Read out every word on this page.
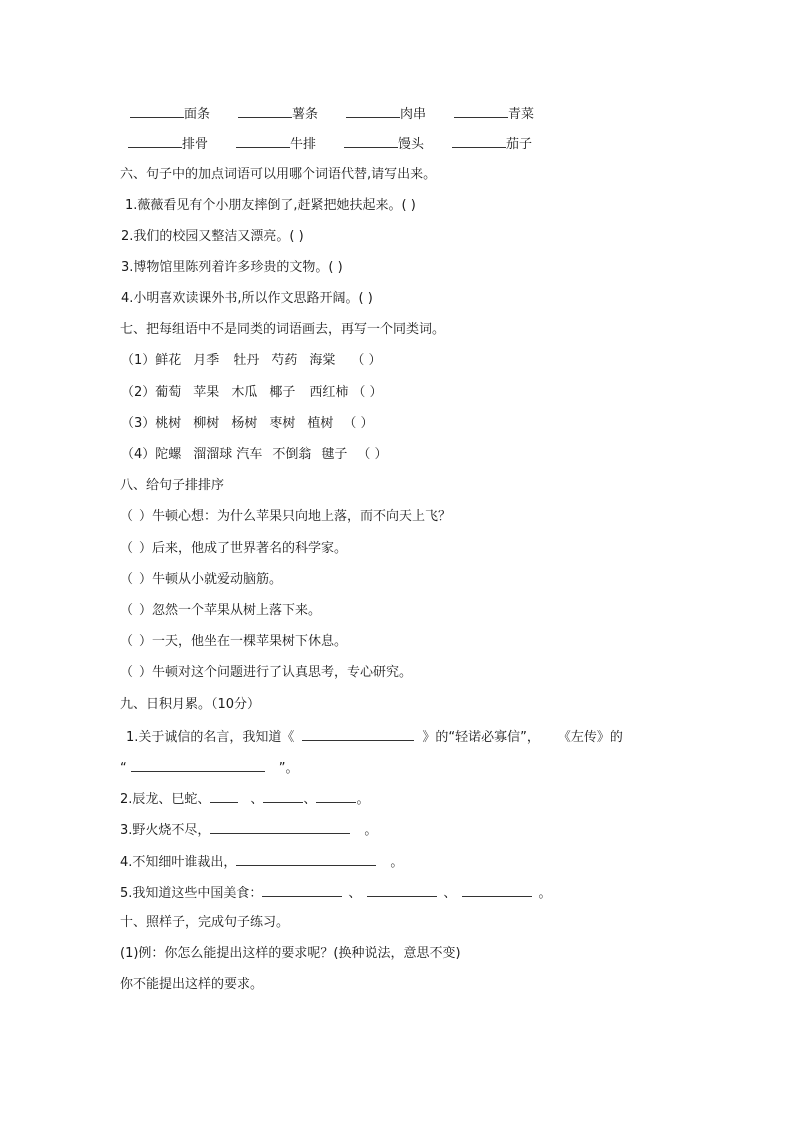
面条	薯条	肉串	青菜
排骨	牛排	馒头	茄子
六、句子中的加点词语可以用哪个词语代替,请写出来。
1.薇薇看见有个小朋友摔倒了,赶紧把她扶起来。( )
2.我们的校园又整洁又漂亮。( )
3.博物馆里陈列着许多珍贵的文物。( )
4.小明喜欢读课外书,所以作文思路开阔。( )
七、把每组语中不是同类的词语画去，再写一个同类词。
（1）鲜花 月季 牡丹 芍药 海棠 （ ）
（2）葡萄 苹果 木瓜 椰子 西红柿 （ ）
（3）桃树 柳树 杨树 枣树 植树 （ ）
（4）陀螺 溜溜球 汽车 不倒翁 毽子 （ ）
八、给句子排排序
（ ）牛顿心想：为什么苹果只向地上落，而不向天上飞？
（ ）后来，他成了世界著名的科学家。
（ ）牛顿从小就爱动脑筋。
（ ）忽然一个苹果从树上落下来。
（ ）一天，他坐在一棵苹果树下休息。
（ ）牛顿对这个问题进行了认真思考，专心研究。
九、日积月累。（10分）
1.关于诚信的名言，我知道《	》的“轻诺必寡信”， 《左传》的
“	”。
2.辰龙、巳蛇、	、	、	。
3.野火烧不尽，	。
4.不知细叶谁裁出，	。
5.我知道这些中国美食：	、	、	。
十、照样子，完成句子练习。
(1)例：你怎么能提出这样的要求呢？(换种说法，意思不变)
你不能提出这样的要求。
